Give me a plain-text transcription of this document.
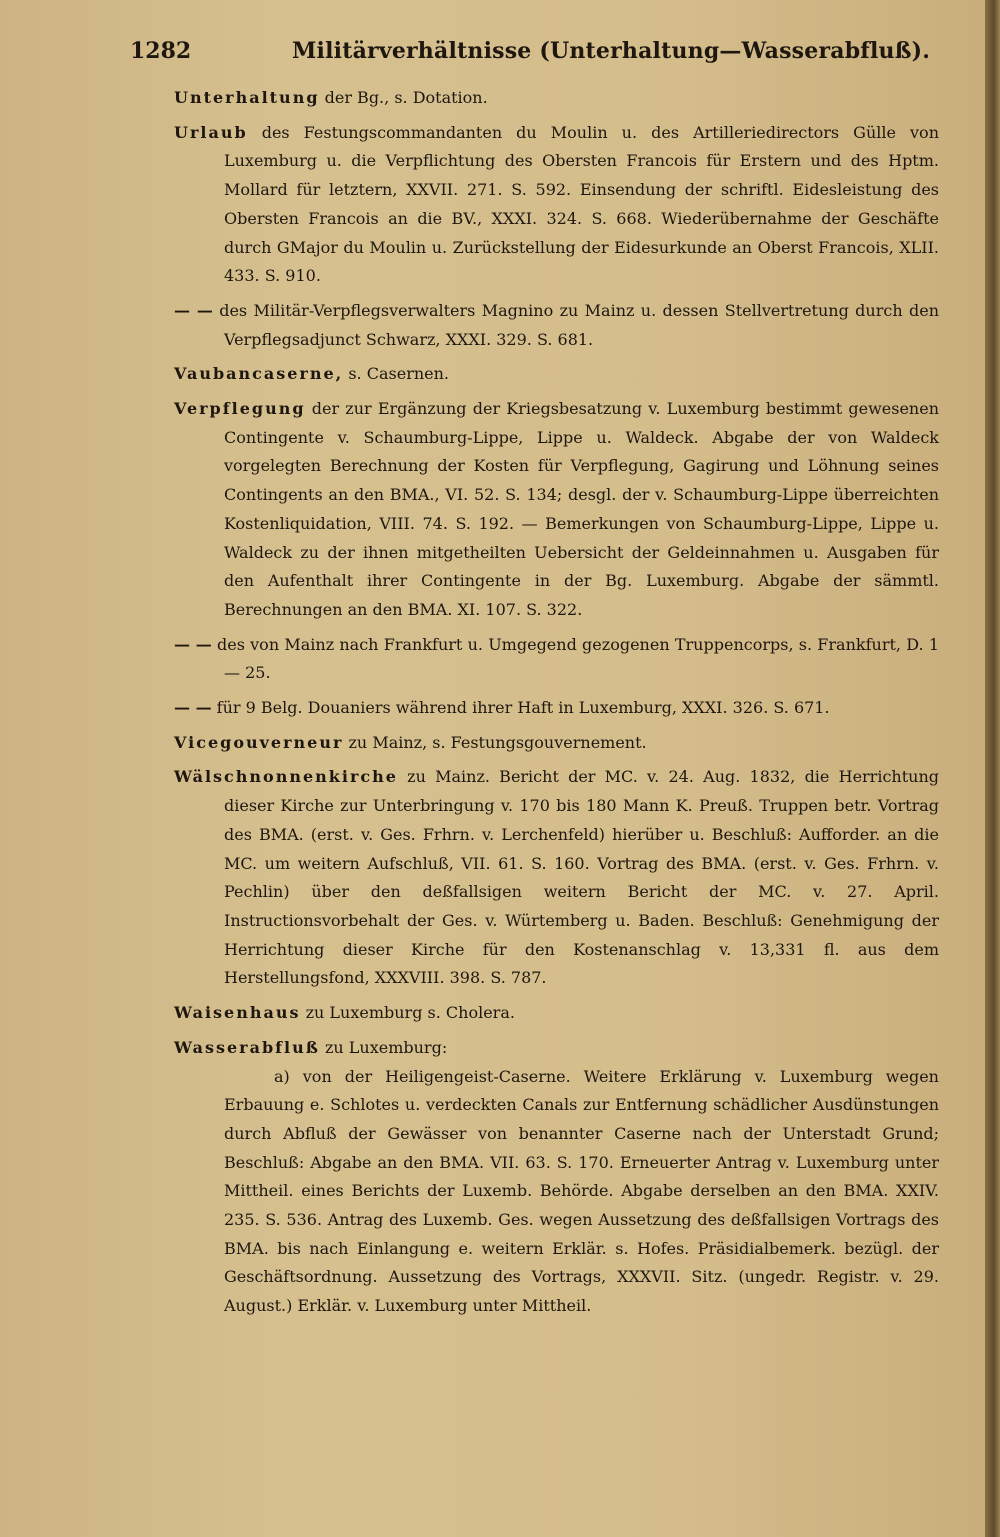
1282	Militärverhältnisse (Unterhaltung—Wasserabfluß).

Unterhaltung der Bg., s. Dotation.

Urlaub des Festungscommandanten du Moulin u. des Artilleriedirectors Gülle von Luxemburg u. die Verpflichtung des Obersten Francois für Erstern und des Hptm. Mollard für letztern, XXVII. 271. S. 592. Einsendung der schriftl. Eidesleistung des Obersten Francois an die BV., XXXI. 324. S. 668. Wiederübernahme der Geschäfte durch GMajor du Moulin u. Zurückstellung der Eidesurkunde an Oberst Francois, XLII. 433. S. 910.

— — des Militär-Verpflegsverwalters Magnino zu Mainz u. dessen Stellvertretung durch den Verpflegsadjunct Schwarz, XXXI. 329. S. 681.

Vaubancaserne, s. Casernen.

Verpflegung der zur Ergänzung der Kriegsbesatzung v. Luxemburg bestimmt gewesenen Contingente v. Schaumburg-Lippe, Lippe u. Waldeck. Abgabe der von Waldeck vorgelegten Berechnung der Kosten für Verpflegung, Gagirung und Löhnung seines Contingents an den BMA., VI. 52. S. 134; desgl. der v. Schaumburg-Lippe überreichten Kostenliquidation, VIII. 74. S. 192. — Bemerkungen von Schaumburg-Lippe, Lippe u. Waldeck zu der ihnen mitgetheilten Uebersicht der Geldeinnahmen u. Ausgaben für den Aufenthalt ihrer Contingente in der Bg. Luxemburg. Abgabe der sämmtl. Berechnungen an den BMA. XI. 107. S. 322.

— — des von Mainz nach Frankfurt u. Umgegend gezogenen Truppencorps, s. Frankfurt, D. 1 — 25.

— — für 9 Belg. Douaniers während ihrer Haft in Luxemburg, XXXI. 326. S. 671.

Vicegouverneur zu Mainz, s. Festungsgouvernement.

Wälschnonnenkirche zu Mainz. Bericht der MC. v. 24. Aug. 1832, die Herrichtung dieser Kirche zur Unterbringung v. 170 bis 180 Mann K. Preuß. Truppen betr. Vortrag des BMA. (erst. v. Ges. Frhrn. v. Lerchenfeld) hierüber u. Beschluß: Aufforder. an die MC. um weitern Aufschluß, VII. 61. S. 160. Vortrag des BMA. (erst. v. Ges. Frhrn. v. Pechlin) über den deßfallsigen weitern Bericht der MC. v. 27. April. Instructionsvorbehalt der Ges. v. Würtemberg u. Baden. Beschluß: Genehmigung der Herrichtung dieser Kirche für den Kostenanschlag v. 13,331 fl. aus dem Herstellungsfond, XXXVIII. 398. S. 787.

Waisenhaus zu Luxemburg s. Cholera.

Wasserabfluß zu Luxemburg:

a) von der Heiligengeist-Caserne. Weitere Erklärung v. Luxemburg wegen Erbauung e. Schlotes u. verdeckten Canals zur Entfernung schädlicher Ausdünstungen durch Abfluß der Gewässer von benannter Caserne nach der Unterstadt Grund; Beschluß: Abgabe an den BMA. VII. 63. S. 170. Erneuerter Antrag v. Luxemburg unter Mittheil. eines Berichts der Luxemb. Behörde. Abgabe derselben an den BMA. XXIV. 235. S. 536. Antrag des Luxemb. Ges. wegen Aussetzung des deßfallsigen Vortrags des BMA. bis nach Einlangung e. weitern Erklär. s. Hofes. Präsidialbemerk. bezügl. der Geschäftsordnung. Aussetzung des Vortrags, XXXVII. Sitz. (ungedr. Registr. v. 29. August.) Erklär. v. Luxemburg unter Mittheil.
